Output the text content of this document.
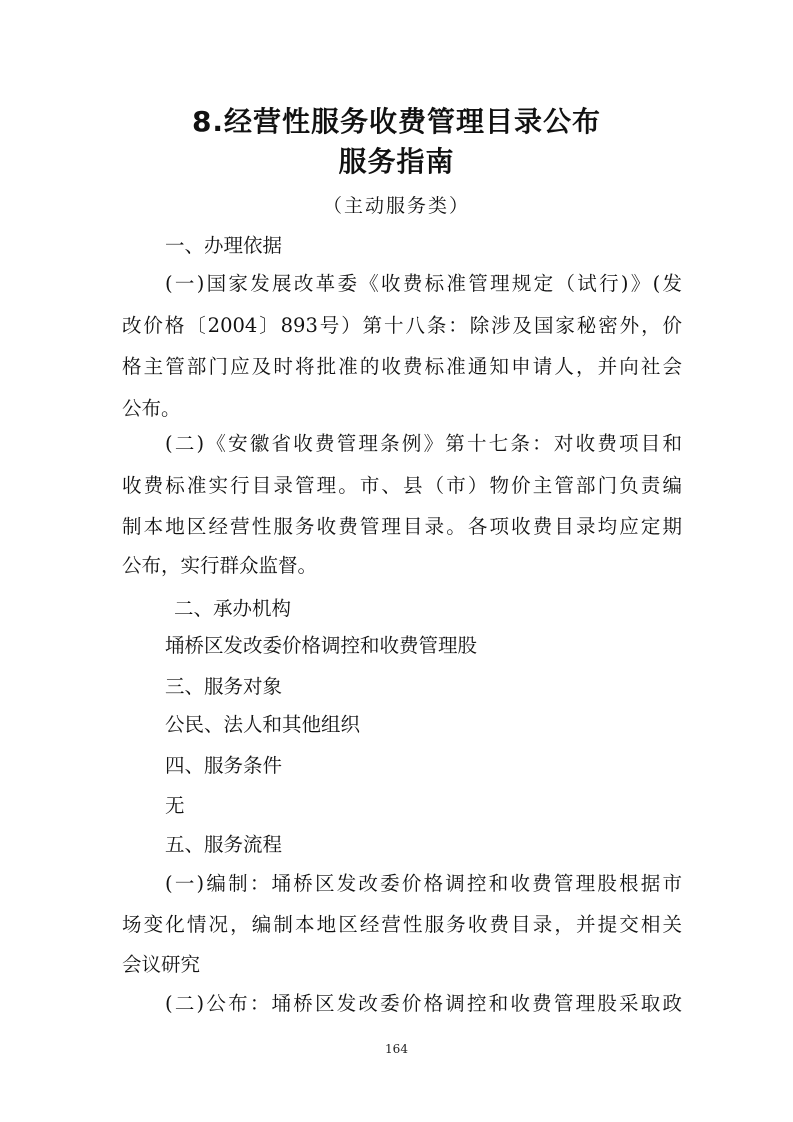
8.经营性服务收费管理目录公布
服务指南
（主动服务类）
一、办理依据
(一)国家发展改革委《收费标准管理规定（试行)》(发
改价格〔2004〕893号）第十八条：除涉及国家秘密外，价
格主管部门应及时将批准的收费标准通知申请人，并向社会
公布。
(二)《安徽省收费管理条例》第十七条：对收费项目和
收费标准实行目录管理。市、县（市）物价主管部门负责编
制本地区经营性服务收费管理目录。各项收费目录均应定期
公布，实行群众监督。
二、承办机构
埇桥区发改委价格调控和收费管理股
三、服务对象
公民、法人和其他组织
四、服务条件
无
五、服务流程
(一)编制：埇桥区发改委价格调控和收费管理股根据市
场变化情况，编制本地区经营性服务收费目录，并提交相关
会议研究
(二)公布：埇桥区发改委价格调控和收费管理股采取政
164
